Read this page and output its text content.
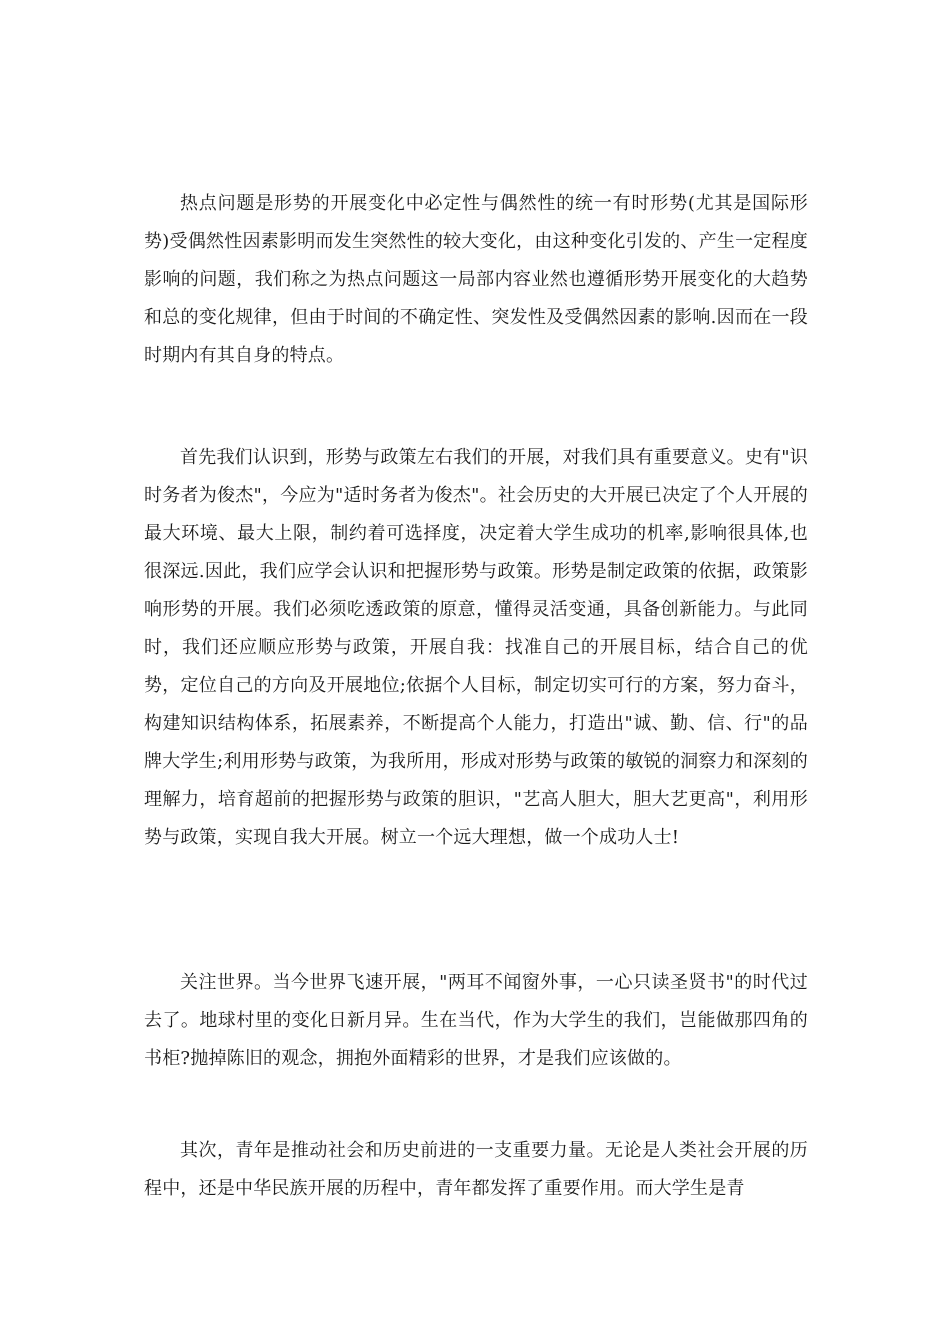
热点问题是形势的开展变化中必定性与偶然性的统一有时形势(尤其是国际形势)受偶然性因素影明而发生突然性的较大变化，由这种变化引发的、产生一定程度影响的问题，我们称之为热点问题这一局部内容业然也遵循形势开展变化的大趋势和总的变化规律，但由于时间的不确定性、突发性及受偶然因素的影响.因而在一段时期内有其自身的特点。

首先我们认识到，形势与政策左右我们的开展，对我们具有重要意义。史有"识时务者为俊杰"，今应为"适时务者为俊杰"。社会历史的大开展已决定了个人开展的最大环境、最大上限，制约着可选择度，决定着大学生成功的机率,影响很具体,也很深远.因此，我们应学会认识和把握形势与政策。形势是制定政策的依据，政策影响形势的开展。我们必须吃透政策的原意，懂得灵活变通，具备创新能力。与此同时，我们还应顺应形势与政策，开展自我：找准自己的开展目标，结合自己的优势，定位自己的方向及开展地位;依据个人目标，制定切实可行的方案，努力奋斗，构建知识结构体系，拓展素养，不断提高个人能力，打造出"诚、勤、信、行"的品牌大学生;利用形势与政策，为我所用，形成对形势与政策的敏锐的洞察力和深刻的理解力，培育超前的把握形势与政策的胆识，"艺高人胆大，胆大艺更高"，利用形势与政策，实现自我大开展。树立一个远大理想，做一个成功人士!

关注世界。当今世界飞速开展，"两耳不闻窗外事，一心只读圣贤书"的时代过去了。地球村里的变化日新月异。生在当代，作为大学生的我们，岂能做那四角的书柜?抛掉陈旧的观念，拥抱外面精彩的世界，才是我们应该做的。

其次，青年是推动社会和历史前进的一支重要力量。无论是人类社会开展的历程中，还是中华民族开展的历程中，青年都发挥了重要作用。而大学生是青
